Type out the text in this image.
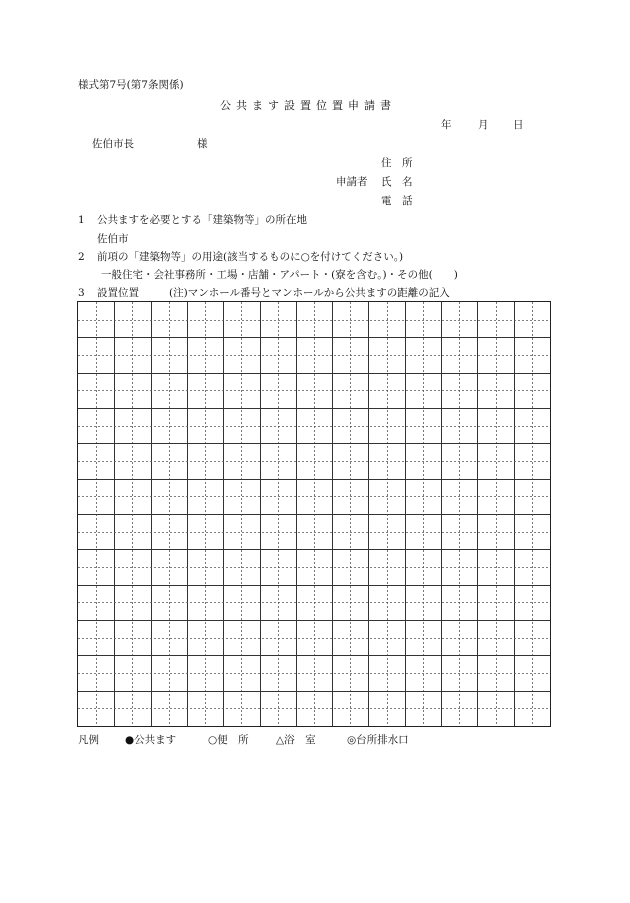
様式第7号(第7条関係)
公共ます設置位置申請書
年	月 日
佐伯市長	様
住　所
申請者 氏　名
電　話
1 公共ますを必要とする「建築物等」の所在地
佐伯市
2 前項の「建築物等」の用途(該当するものに○を付けてください。)
一般住宅・会社事務所・工場・店舗・アパート・(寮を含む。)・その他(　　)
3 設置位置	(注)マンホール番号とマンホールから公共ますの距離の記入
凡例 ●公共ます	○便　所	△浴　室	◎台所排水口
